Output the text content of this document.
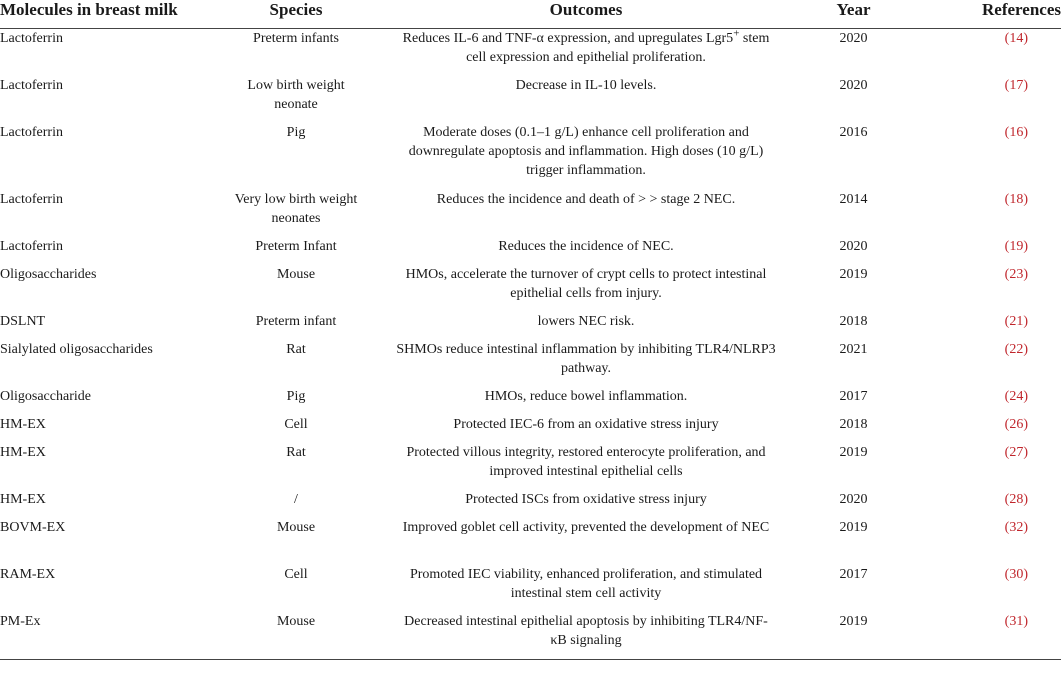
Molecules in breast milk	Species	Outcomes	Year	References
Lactoferrin	Preterm infants	Reduces IL-6 and TNF-α expression, and upregulates Lgr5+ stem cell expression and epithelial proliferation.	2020	(14)
Lactoferrin	Low birth weight neonate	Decrease in IL-10 levels.	2020	(17)
Lactoferrin	Pig	Moderate doses (0.1–1 g/L) enhance cell proliferation and downregulate apoptosis and inflammation. High doses (10 g/L) trigger inflammation.	2016	(16)
Lactoferrin	Very low birth weight neonates	Reduces the incidence and death of > > stage 2 NEC.	2014	(18)
Lactoferrin	Preterm Infant	Reduces the incidence of NEC.	2020	(19)
Oligosaccharides	Mouse	HMOs, accelerate the turnover of crypt cells to protect intestinal epithelial cells from injury.	2019	(23)
DSLNT	Preterm infant	lowers NEC risk.	2018	(21)
Sialylated oligosaccharides	Rat	SHMOs reduce intestinal inflammation by inhibiting TLR4/NLRP3 pathway.	2021	(22)
Oligosaccharide	Pig	HMOs, reduce bowel inflammation.	2017	(24)
HM-EX	Cell	Protected IEC-6 from an oxidative stress injury	2018	(26)
HM-EX	Rat	Protected villous integrity, restored enterocyte proliferation, and improved intestinal epithelial cells	2019	(27)
HM-EX	/	Protected ISCs from oxidative stress injury	2020	(28)
BOVM-EX	Mouse	Improved goblet cell activity, prevented the development of NEC	2019	(32)
RAM-EX	Cell	Promoted IEC viability, enhanced proliferation, and stimulated intestinal stem cell activity	2017	(30)
PM-Ex	Mouse	Decreased intestinal epithelial apoptosis by inhibiting TLR4/NF-κB signaling	2019	(31)
